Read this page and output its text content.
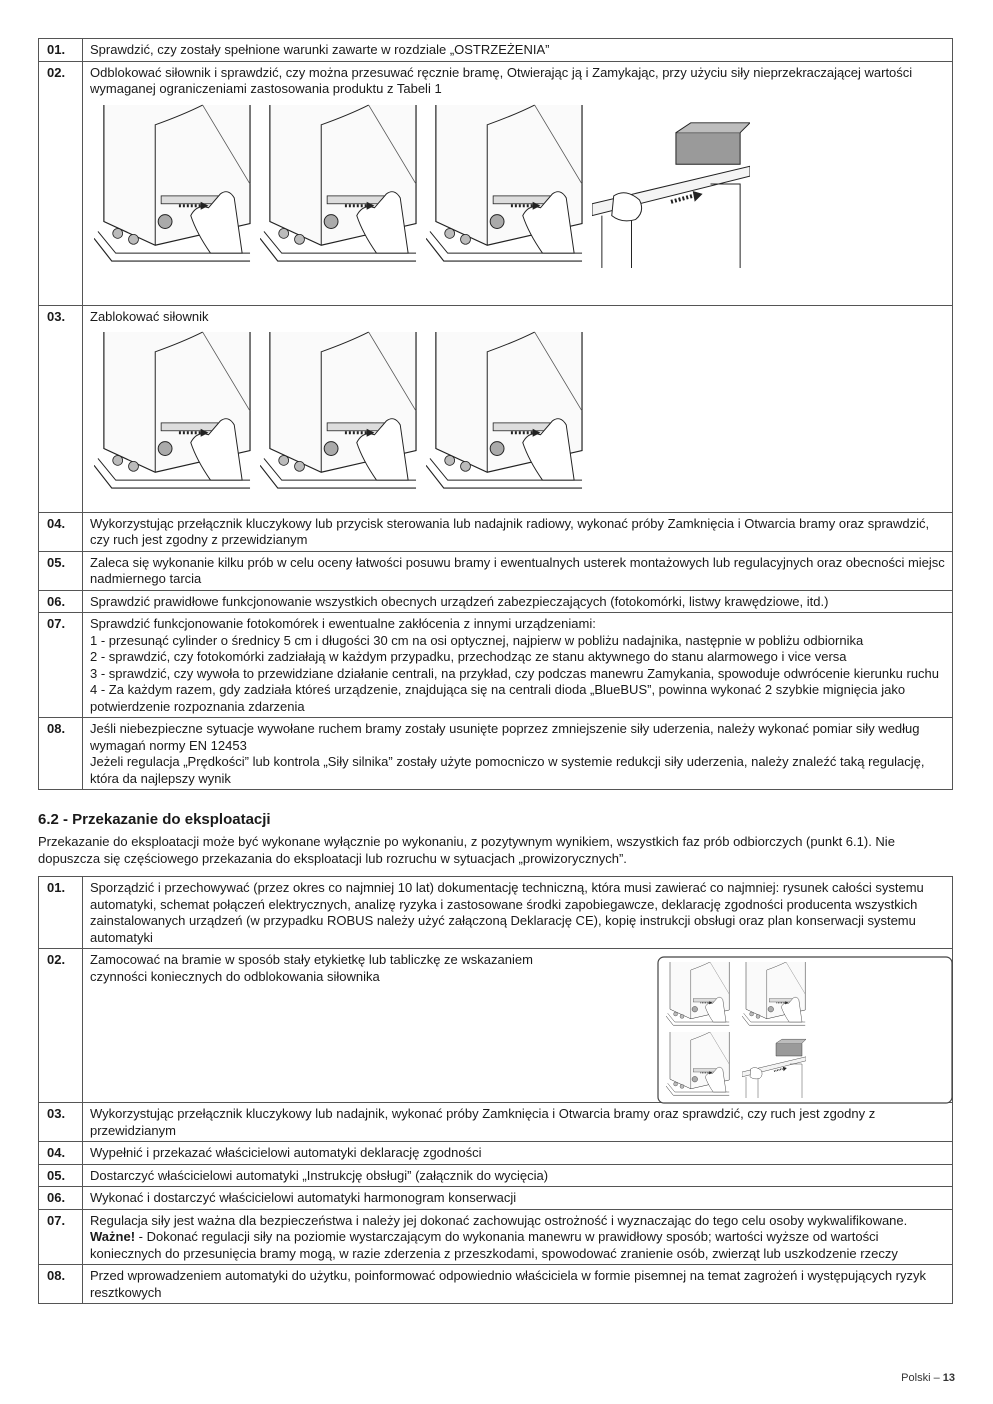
01.	Sprawdzić, czy zostały spełnione warunki zawarte w rozdziale „OSTRZEŻENIA”
02.	Odblokować siłownik i sprawdzić, czy można przesuwać ręcznie bramę, Otwierając ją i Zamykając, przy użyciu siły nieprzekraczającej wartości wymaganej ograniczeniami zastosowania produktu z Tabeli 1

03.	Zablokować siłownik

04.	Wykorzystując przełącznik kluczykowy lub przycisk sterowania lub nadajnik radiowy, wykonać próby Zamknięcia i Otwarcia bramy oraz sprawdzić, czy ruch jest zgodny z przewidzianym
05.	Zaleca się wykonanie kilku prób w celu oceny łatwości posuwu bramy i ewentualnych usterek montażowych lub regulacyjnych oraz obecności miejsc nadmiernego tarcia
06.	Sprawdzić prawidłowe funkcjonowanie wszystkich obecnych urządzeń zabezpieczających (fotokomórki, listwy krawędziowe, itd.)
07.	Sprawdzić funkcjonowanie fotokomórek i ewentualne zakłócenia z innymi urządzeniami:
1 - przesunąć cylinder o średnicy 5 cm i długości 30 cm na osi optycznej, najpierw w pobliżu nadajnika, następnie w pobliżu odbiornika
2 - sprawdzić, czy fotokomórki zadziałają w każdym przypadku, przechodząc ze stanu aktywnego do stanu alarmowego i vice versa
3 - sprawdzić, czy wywoła to przewidziane działanie centrali, na przykład, czy podczas manewru Zamykania, spowoduje odwrócenie kierunku ruchu
4 - Za każdym razem, gdy zadziała któreś urządzenie, znajdująca się na centrali dioda „BlueBUS”, powinna wykonać 2 szybkie mignięcia jako potwierdzenie rozpoznania zdarzenia

08.	Jeśli niebezpieczne sytuacje wywołane ruchem bramy zostały usunięte poprzez zmniejszenie siły uderzenia, należy wykonać pomiar siły według wymagań normy EN 12453
Jeżeli regulacja „Prędkości” lub kontrola „Siły silnika” zostały użyte pomocniczo w systemie redukcji siły uderzenia, należy znaleźć taką regulację, która da najlepszy wynik
6.2 - Przekazanie do eksploatacji

Przekazanie do eksploatacji może być wykonane wyłącznie po wykonaniu, z pozytywnym wynikiem, wszystkich faz prób odbiorczych (punkt 6.1). Nie dopuszcza się częściowego przekazania do eksploatacji lub rozruchu w sytuacjach „prowizorycznych”.

01.	Sporządzić i przechowywać (przez okres co najmniej 10 lat) dokumentację techniczną, która musi zawierać co najmniej: rysunek całości systemu automatyki, schemat połączeń elektrycznych, analizę ryzyka i zastosowane środki zapobiegawcze, deklarację zgodności producenta wszystkich zainstalowanych urządzeń (w przypadku ROBUS należy użyć załączoną Deklarację CE), kopię instrukcji obsługi oraz plan konserwacji systemu automatyki
02.	Zamocować na bramie w sposób stały etykietkę lub tabliczkę ze wskazaniem czynności koniecznych do odblokowania siłownika

03.	Wykorzystując przełącznik kluczykowy lub nadajnik, wykonać próby Zamknięcia i Otwarcia bramy oraz sprawdzić, czy ruch jest zgodny z przewidzianym
04.	Wypełnić i przekazać właścicielowi automatyki deklarację zgodności
05.	Dostarczyć właścicielowi automatyki „Instrukcję obsługi” (załącznik do wycięcia)
06.	Wykonać i dostarczyć właścicielowi automatyki harmonogram konserwacji
07.	Regulacja siły jest ważna dla bezpieczeństwa i należy jej dokonać zachowując ostrożność i wyznaczając do tego celu osoby wykwalifikowane. Ważne! - Dokonać regulacji siły na poziomie wystarczającym do wykonania manewru w prawidłowy sposób; wartości wyższe od wartości koniecznych do przesunięcia bramy mogą, w razie zderzenia z przeszkodami, spowodować zranienie osób, zwierząt lub uszkodzenie rzeczy
08.	Przed wprowadzeniem automatyki do użytku, poinformować odpowiednio właściciela w formie pisemnej na temat zagrożeń i występujących ryzyk resztkowych
Polski – 13
